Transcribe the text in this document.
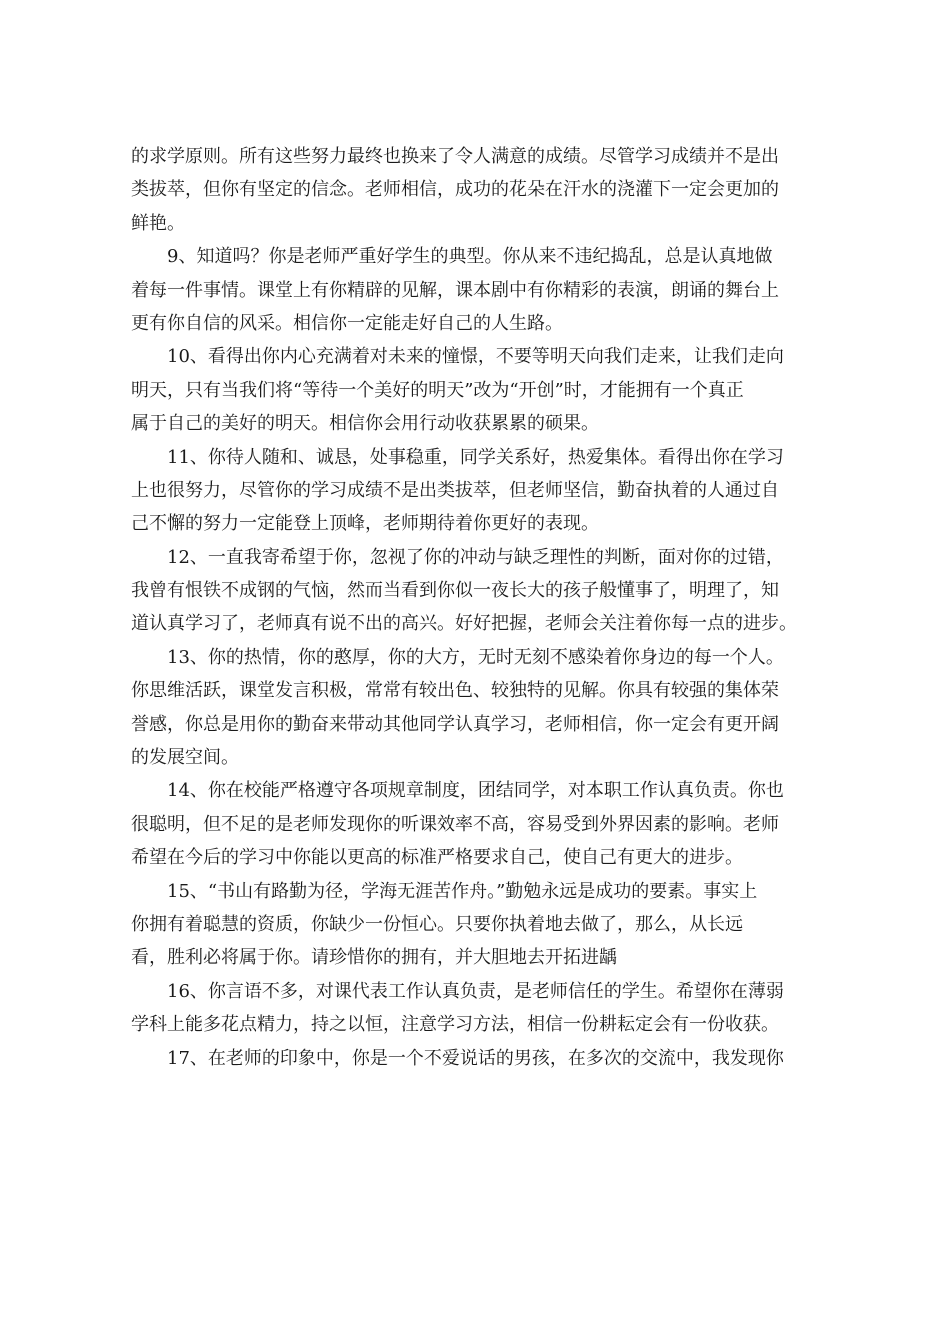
的求学原则。所有这些努力最终也换来了令人满意的成绩。尽管学习成绩并不是出
类拔萃，但你有坚定的信念。老师相信，成功的花朵在汗水的浇灌下一定会更加的
鲜艳。
9、知道吗？你是老师严重好学生的典型。你从来不违纪捣乱，总是认真地做
着每一件事情。课堂上有你精辟的见解，课本剧中有你精彩的表演，朗诵的舞台上
更有你自信的风采。相信你一定能走好自己的人生路。
10、看得出你内心充满着对未来的憧憬，不要等明天向我们走来，让我们走向
明天，只有当我们将“等待一个美好的明天”改为“开创”时，才能拥有一个真正
属于自己的美好的明天。相信你会用行动收获累累的硕果。
11、你待人随和、诚恳，处事稳重，同学关系好，热爱集体。看得出你在学习
上也很努力，尽管你的学习成绩不是出类拔萃，但老师坚信，勤奋执着的人通过自
己不懈的努力一定能登上顶峰，老师期待着你更好的表现。
12、一直我寄希望于你，忽视了你的冲动与缺乏理性的判断，面对你的过错，
我曾有恨铁不成钢的气恼，然而当看到你似一夜长大的孩子般懂事了，明理了，知
道认真学习了，老师真有说不出的高兴。好好把握，老师会关注着你每一点的进步。
13、你的热情，你的憨厚，你的大方，无时无刻不感染着你身边的每一个人。
你思维活跃，课堂发言积极，常常有较出色、较独特的见解。你具有较强的集体荣
誉感，你总是用你的勤奋来带动其他同学认真学习，老师相信，你一定会有更开阔
的发展空间。
14、你在校能严格遵守各项规章制度，团结同学，对本职工作认真负责。你也
很聪明，但不足的是老师发现你的听课效率不高，容易受到外界因素的影响。老师
希望在今后的学习中你能以更高的标准严格要求自己，使自己有更大的进步。
15、“书山有路勤为径，学海无涯苦作舟。”勤勉永远是成功的要素。事实上
你拥有着聪慧的资质，你缺少一份恒心。只要你执着地去做了，那么，从长远
看，胜利必将属于你。请珍惜你的拥有，并大胆地去开拓进龋
16、你言语不多，对课代表工作认真负责，是老师信任的学生。希望你在薄弱
学科上能多花点精力，持之以恒，注意学习方法，相信一份耕耘定会有一份收获。
17、在老师的印象中，你是一个不爱说话的男孩，在多次的交流中，我发现你
